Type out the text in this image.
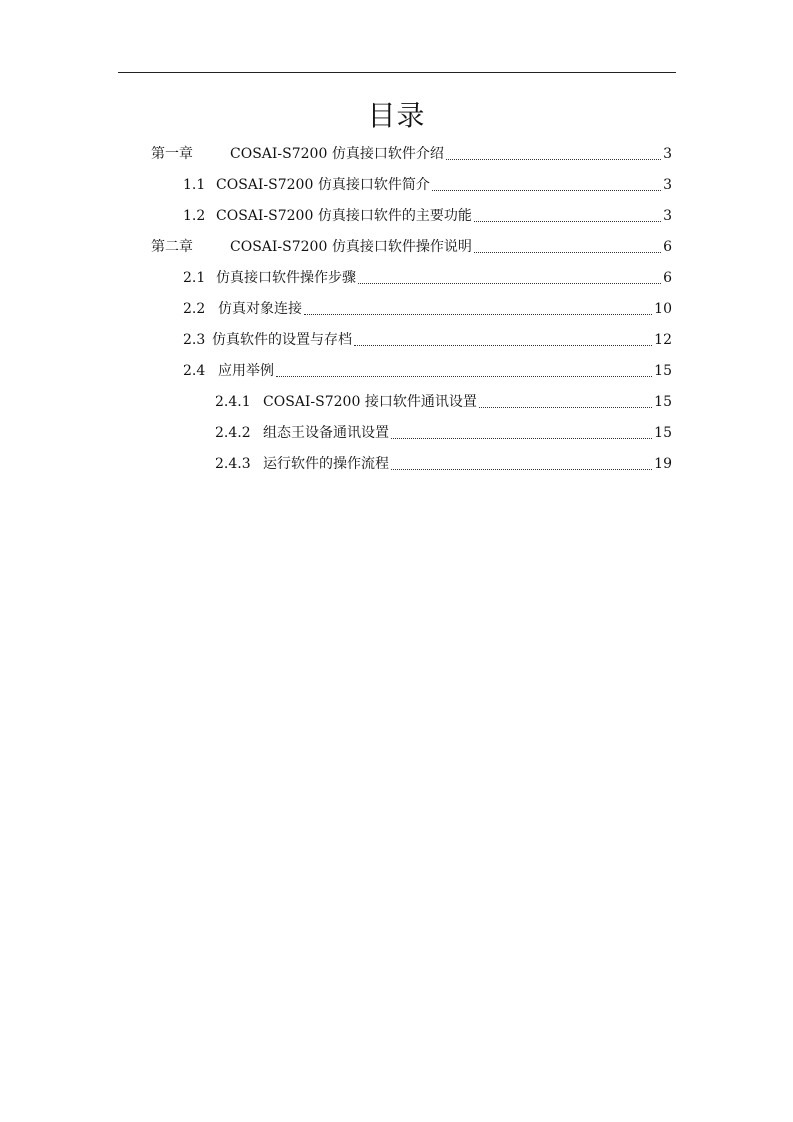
目录
第一章	COSAI-S7200 仿真接口软件介绍	3
1.1 COSAI-S7200 仿真接口软件简介	3
1.2 COSAI-S7200 仿真接口软件的主要功能	3
第二章	COSAI-S7200 仿真接口软件操作说明	6
2.1 仿真接口软件操作步骤	6
2.2 仿真对象连接	10
2.3 仿真软件的设置与存档	12
2.4 应用举例	15
2.4.1 COSAI-S7200 接口软件通讯设置	15
2.4.2 组态王设备通讯设置	15
2.4.3 运行软件的操作流程	19
